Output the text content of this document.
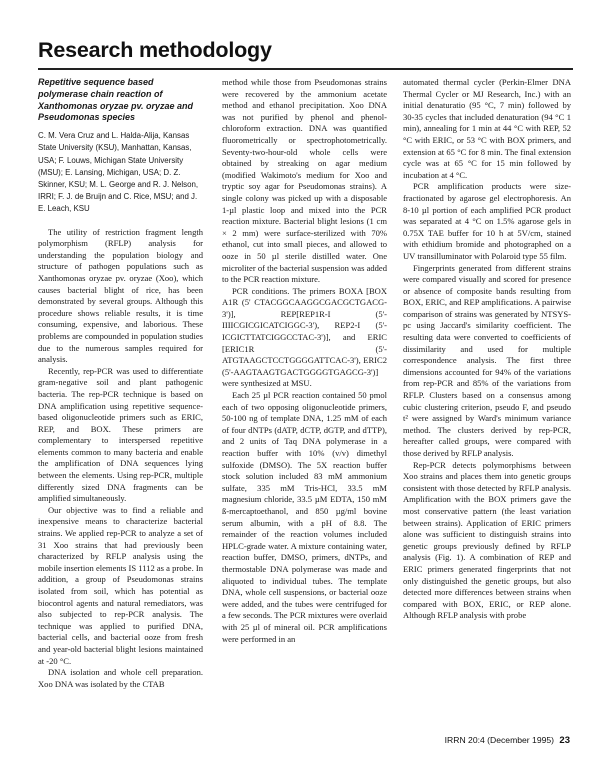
Research methodology
Repetitive sequence based polymerase chain reaction of Xanthomonas oryzae pv. oryzae and Pseudomonas species
C. M. Vera Cruz and L. Halda-Alija, Kansas State University (KSU), Manhattan, Kansas, USA; F. Louws, Michigan State University (MSU); E. Lansing, Michigan, USA; D. Z. Skinner, KSU; M. L. George and R. J. Nelson, IRRI; F. J. de Bruijn and C. Rice, MSU; and J. E. Leach, KSU

The utility of restriction fragment length polymorphism (RFLP) analysis for understanding the population biology and structure of pathogen populations such as Xanthomonas oryzae pv. oryzae (Xoo), which causes bacterial blight of rice, has been demonstrated by several groups. Although this procedure shows reliable results, it is time consuming, expensive, and laborious. These problems are compounded in population studies due to the numerous samples required for analysis.

Recently, rep-PCR was used to differentiate gram-negative soil and plant pathogenic bacteria. The rep-PCR technique is based on DNA amplification using repetitive sequence-based oligonucleotide primers such as ERIC, REP, and BOX. These primers are complementary to interspersed repetitive elements common to many bacteria and enable the amplification of DNA sequences lying between the elements. Using rep-PCR, multiple differently sized DNA fragments can be amplified simultaneously.

Our objective was to find a reliable and inexpensive means to characterize bacterial strains. We applied rep-PCR to analyze a set of 31 Xoo strains that had previously been characterized by RFLP analysis using the mobile insertion elements IS 1112 as a probe. In addition, a group of Pseudomonas strains isolated from soil, which has potential as biocontrol agents and natural remediators, was also subjected to rep-PCR analysis. The technique was applied to purified DNA, bacterial cells, and bacterial ooze from fresh and year-old bacterial blight lesions maintained at -20 °C.

DNA isolation and whole cell preparation. Xoo DNA was isolated by the CTAB

method while those from Pseudomonas strains were recovered by the ammonium acetate method and ethanol precipitation. Xoo DNA was not purified by phenol and phenol-chloroform extraction. DNA was quantified fluorometrically or spectrophotometrically. Seventy-two-hour-old whole cells were obtained by streaking on agar medium (modified Wakimoto's medium for Xoo and tryptic soy agar for Pseudomonas strains). A single colony was picked up with a disposable 1-µl plastic loop and mixed into the PCR reaction mixture. Bacterial blight lesions (1 cm × 2 mm) were surface-sterilized with 70% ethanol, cut into small pieces, and allowed to ooze in 50 µl sterile distilled water. One microliter of the bacterial suspension was added to the PCR reaction mixture.

PCR conditions. The primers BOXA [BOX A1R (5' CTACGGCAAGGCGACGCTGACG-3')], REP[REP1R-I (5'-IIIICGICGICATCIGGC-3'), REP2-I (5'-ICGICTTATCIGGCCTAC-3')], and ERIC [ERIC1R (5'-ATGTAAGCTCCTGGGGATTCAC-3'), ERIC2 (5'-AAGTAAGTGACTGGGGTGAGCG-3')] were synthesized at MSU.

Each 25 µl PCR reaction contained 50 pmol each of two opposing oligonucleotide primers, 50-100 ng of template DNA, 1.25 mM of each of four dNTPs (dATP, dCTP, dGTP, and dTTP), and 2 units of Taq DNA polymerase in a reaction buffer with 10% (v/v) dimethyl sulfoxide (DMSO). The 5X reaction buffer stock solution included 83 mM ammonium sulfate, 335 mM Tris-HCl, 33.5 mM magnesium chloride, 33.5 µM EDTA, 150 mM ß-mercaptoethanol, and 850 µg/ml bovine serum albumin, with a pH of 8.8. The remainder of the reaction volumes included HPLC-grade water. A mixture containing water, reaction buffer, DMSO, primers, dNTPs, and thermostable DNA polymerase was made and aliquoted to individual tubes. The template DNA, whole cell suspensions, or bacterial ooze were added, and the tubes were centrifuged for a few seconds. The PCR mixtures were overlaid with 25 µl of mineral oil. PCR amplifications were performed in an

automated thermal cycler (Perkin-Elmer DNA Thermal Cycler or MJ Research, Inc.) with an initial denaturatio (95 °C, 7 min) followed by 30-35 cycles that included denaturation (94 °C 1 min), annealing for 1 min at 44 °C with REP, 52 °C with ERIC, or 53 °C with BOX primers, and extension at 65 °C for 8 min. The final extension cycle was at 65 °C for 15 min followed by incubation at 4 °C.

PCR amplification products were size-fractionated by agarose gel electrophoresis. An 8-10 µl portion of each amplified PCR product was separated at 4 °C on 1.5% agarose gels in 0.75X TAE buffer for 10 h at 5V/cm, stained with ethidium bromide and photographed on a UV transilluminator with Polaroid type 55 film.

Fingerprints generated from different strains were compared visually and scored for presence or absence of composite bands resulting from BOX, ERIC, and REP amplifications. A pairwise comparison of strains was generated by NTSYS-pc using Jaccard's similarity coefficient. The resulting data were converted to coefficients of dissimilarity and used for multiple correspondence analysis. The first three dimensions accounted for 94% of the variations from rep-PCR and 85% of the variations from RFLP. Clusters based on a consensus among cubic clustering criterion, pseudo F, and pseudo t² were assigned by Ward's minimum variance method. The clusters derived by rep-PCR, hereafter called groups, were compared with those derived by RFLP analysis.

Rep-PCR detects polymorphisms between Xoo strains and places them into genetic groups consistent with those detected by RFLP analysis. Amplification with the BOX primers gave the most conservative pattern (the least variation between strains). Application of ERIC primers alone was sufficient to distinguish strains into genetic groups previously defined by RFLP analysis (Fig. 1). A combination of REP and ERIC primers generated fingerprints that not only distinguished the genetic groups, but also detected more differences between strains when compared with BOX, ERIC, or REP alone. Although RFLP analysis with probe

IRRN 20:4 (December 1995) 23
